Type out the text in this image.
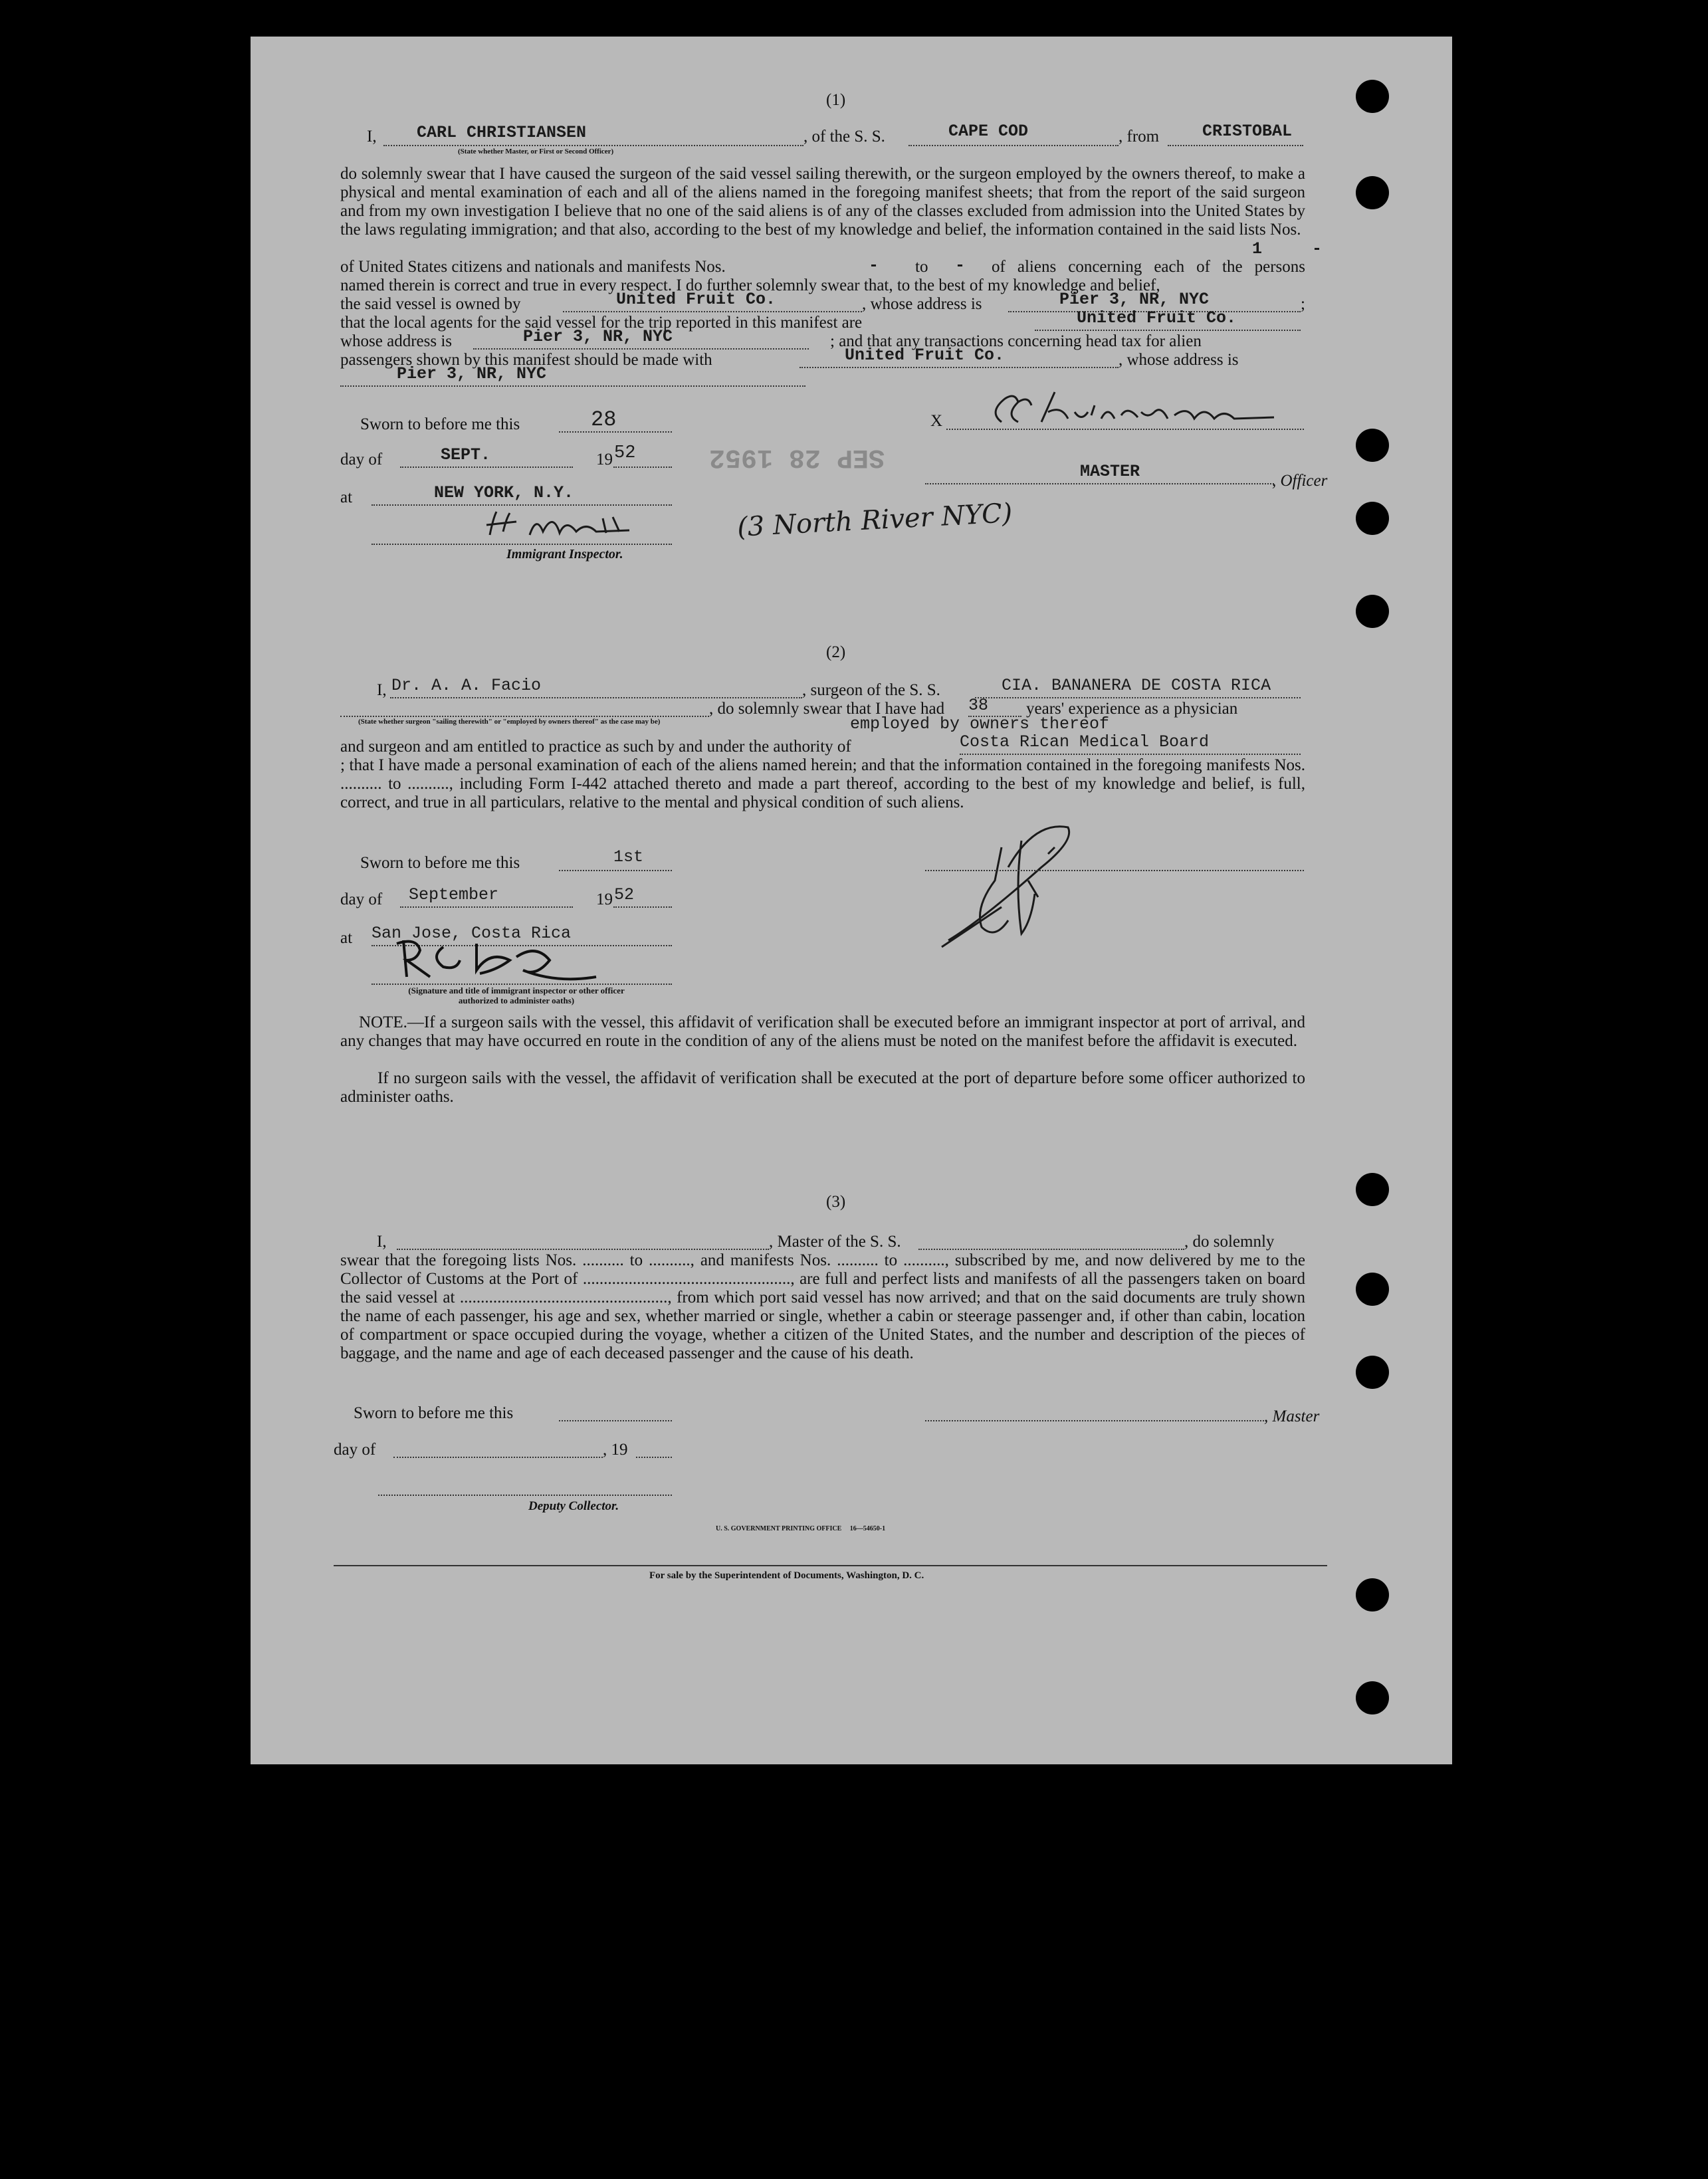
SEP 28 1952
(1)
I, CARL CHRISTIANSEN
(State whether Master, or First or Second Officer)
, of the S. S.	CAPE COD	, from	CRISTOBAL
do solemnly swear that I have caused the surgeon of the said vessel sailing therewith, or the surgeon employed by the owners thereof, to make a physical and mental examination of each and all of the aliens named in the foregoing manifest sheets; that from the report of the said surgeon and from my own investigation I believe that no one of the said aliens is of any of the classes excluded from admission into the United States by the laws regulating immigration; and that also, according to the best of my knowledge and belief, the information contained in the said lists Nos.
1	-
of United States citizens and nationals and manifests Nos.	- to -	of aliens concerning each of the persons named therein is correct and true in every respect. I do further solemnly swear that, to the best of my knowledge and belief,
the said vessel is owned by	United Fruit Co.	, whose address is	Pier 3, NR, NYC	;
that the local agents for the said vessel for the trip reported in this manifest are	United Fruit Co.
whose address is	Pier 3, NR, NYC	; and that any transactions concerning head tax for alien
passengers shown by this manifest should be made with	United Fruit Co.	, whose address is
Pier 3, NR, NYC
Sworn to before me this	28
day of	SEPT.	19 52
at	NEW YORK, N.Y.
Immigrant Inspector.
X
MASTER	, Officer
(3 North River NYC)
(2)
I, Dr. A. A. Facio	, surgeon of the S. S.	CIA. BANANERA DE COSTA RICA
, do solemnly swear that I have had 38 years' experience as a physician
(State whether surgeon "sailing therewith" or "employed by owners thereof" as the case may be)	employed by owners thereof
and surgeon and am entitled to practice as such by and under the authority of	Costa Rican Medical Board
; that I have made a personal examination of each of the aliens named herein; and that the information contained in the foregoing manifests Nos. .......... to .........., including Form I-442 attached thereto and made a part thereof, according to the best of my knowledge and belief, is full, correct, and true in all particulars, relative to the mental and physical condition of such aliens.
Sworn to before me this	1st
day of September	19 52
at San Jose, Costa Rica
(Signature and title of immigrant inspector or other officer authorized to administer oaths)
NOTE.—If a surgeon sails with the vessel, this affidavit of verification shall be executed before an immigrant inspector at port of arrival, and any changes that may have occurred en route in the condition of any of the aliens must be noted on the manifest before the affidavit is executed.
If no surgeon sails with the vessel, the affidavit of verification shall be executed at the port of departure before some officer authorized to administer oaths.
(3)
I,	, Master of the S. S.	, do solemnly
swear that the foregoing lists Nos. .......... to .........., and manifests Nos. .......... to .........., subscribed by me, and now delivered by me to the Collector of Customs at the Port of .................................................., are full and perfect lists and manifests of all the passengers taken on board the said vessel at .................................................., from which port said vessel has now arrived; and that on the said documents are truly shown the name of each passenger, his age and sex, whether married or single, whether a cabin or steerage passenger and, if other than cabin, location of compartment or space occupied during the voyage, whether a citizen of the United States, and the number and description of the pieces of baggage, and the name and age of each deceased passenger and the cause of his death.
Sworn to before me this	, Master
day of	, 19
Deputy Collector.
U. S. GOVERNMENT PRINTING OFFICE     16—54650-1
For sale by the Superintendent of Documents, Washington, D. C.
